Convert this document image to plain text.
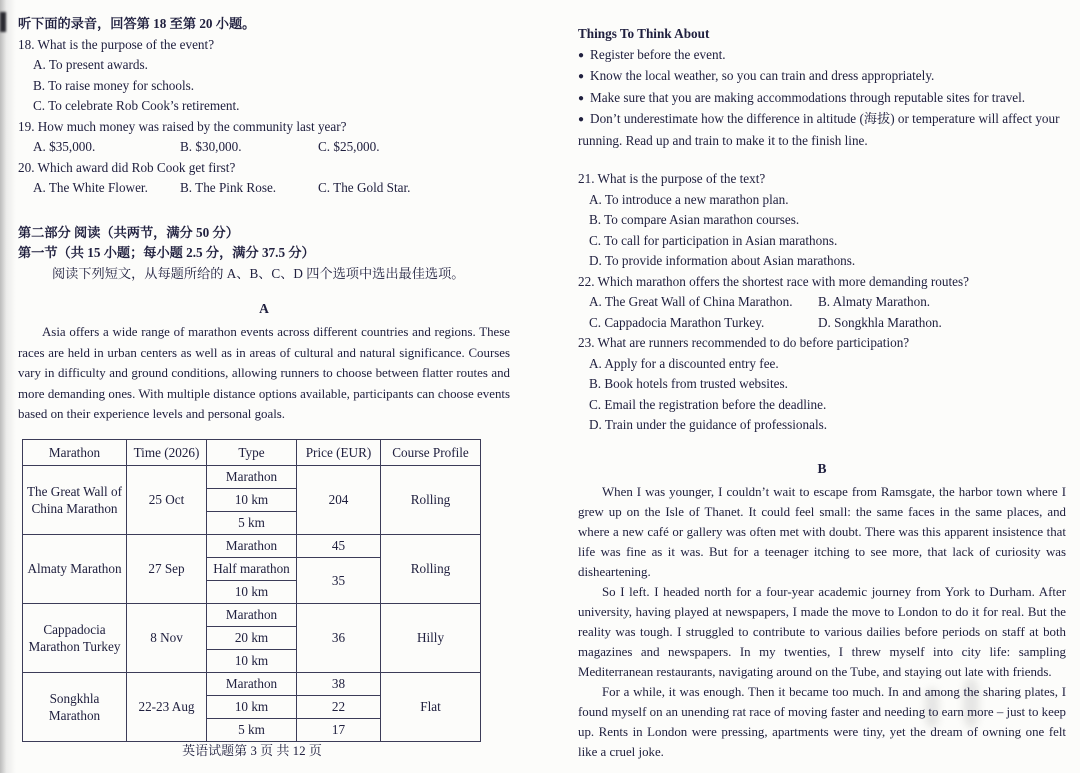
听下面的录音，回答第 18 至第 20 小题。
18. What is the purpose of the event?
A. To present awards.
B. To raise money for schools.
C. To celebrate Rob Cook’s retirement.
19. How much money was raised by the community last year?
A. $35,000.	B. $30,000.	C. $25,000.
20. Which award did Rob Cook get first?
A. The White Flower.	B. The Pink Rose.	C. The Gold Star.
第二部分 阅读（共两节，满分 50 分）
第一节（共 15 小题；每小题 2.5 分，满分 37.5 分）
阅读下列短文，从每题所给的 A、B、C、D 四个选项中选出最佳选项。
A

Asia offers a wide range of marathon events across different countries and regions. These races are held in urban centers as well as in areas of cultural and natural significance. Courses vary in difficulty and ground conditions, allowing runners to choose between flatter routes and more demanding ones. With multiple distance options available, participants can choose events based on their experience levels and personal goals.

Marathon	Time (2026)	Type	Price (EUR)	Course Profile
The Great Wall of China Marathon	25 Oct	Marathon	204	Rolling
		10 km		
		5 km		
Almaty Marathon	27 Sep	Marathon	45	Rolling
		Half marathon	35	
		10 km		
Cappadocia Marathon Turkey	8 Nov	Marathon	36	Hilly
		20 km		
		10 km		
Songkhla Marathon	22-23 Aug	Marathon	38	Flat
		10 km	22	
		5 km	17	
英语试题第 3 页 共 12 页
Things To Think About
● Register before the event.
● Know the local weather, so you can train and dress appropriately.
● Make sure that you are making accommodations through reputable sites for travel.
● Don’t underestimate how the difference in altitude (海拔) or temperature will affect your running. Read up and train to make it to the finish line.
21. What is the purpose of the text?
A. To introduce a new marathon plan.
B. To compare Asian marathon courses.
C. To call for participation in Asian marathons.
D. To provide information about Asian marathons.
22. Which marathon offers the shortest race with more demanding routes?
A. The Great Wall of China Marathon.	B. Almaty Marathon.
C. Cappadocia Marathon Turkey.	D. Songkhla Marathon.
23. What are runners recommended to do before participation?
A. Apply for a discounted entry fee.
B. Book hotels from trusted websites.
C. Email the registration before the deadline.
D. Train under the guidance of professionals.
B

When I was younger, I couldn’t wait to escape from Ramsgate, the harbor town where I grew up on the Isle of Thanet. It could feel small: the same faces in the same places, and where a new café or gallery was often met with doubt. There was this apparent insistence that life was fine as it was. But for a teenager itching to see more, that lack of curiosity was disheartening.

So I left. I headed north for a four-year academic journey from York to Durham. After university, having played at newspapers, I made the move to London to do it for real. But the reality was tough. I struggled to contribute to various dailies before periods on staff at both magazines and newspapers. In my twenties, I threw myself into city life: sampling Mediterranean restaurants, navigating around on the Tube, and staying out late with friends.

For a while, it was enough. Then it became too much. In and among the sharing plates, I found myself on an unending rat race of moving faster and needing to earn more – just to keep up. Rents in London were pressing, apartments were tiny, yet the dream of owning one felt like a cruel joke.
